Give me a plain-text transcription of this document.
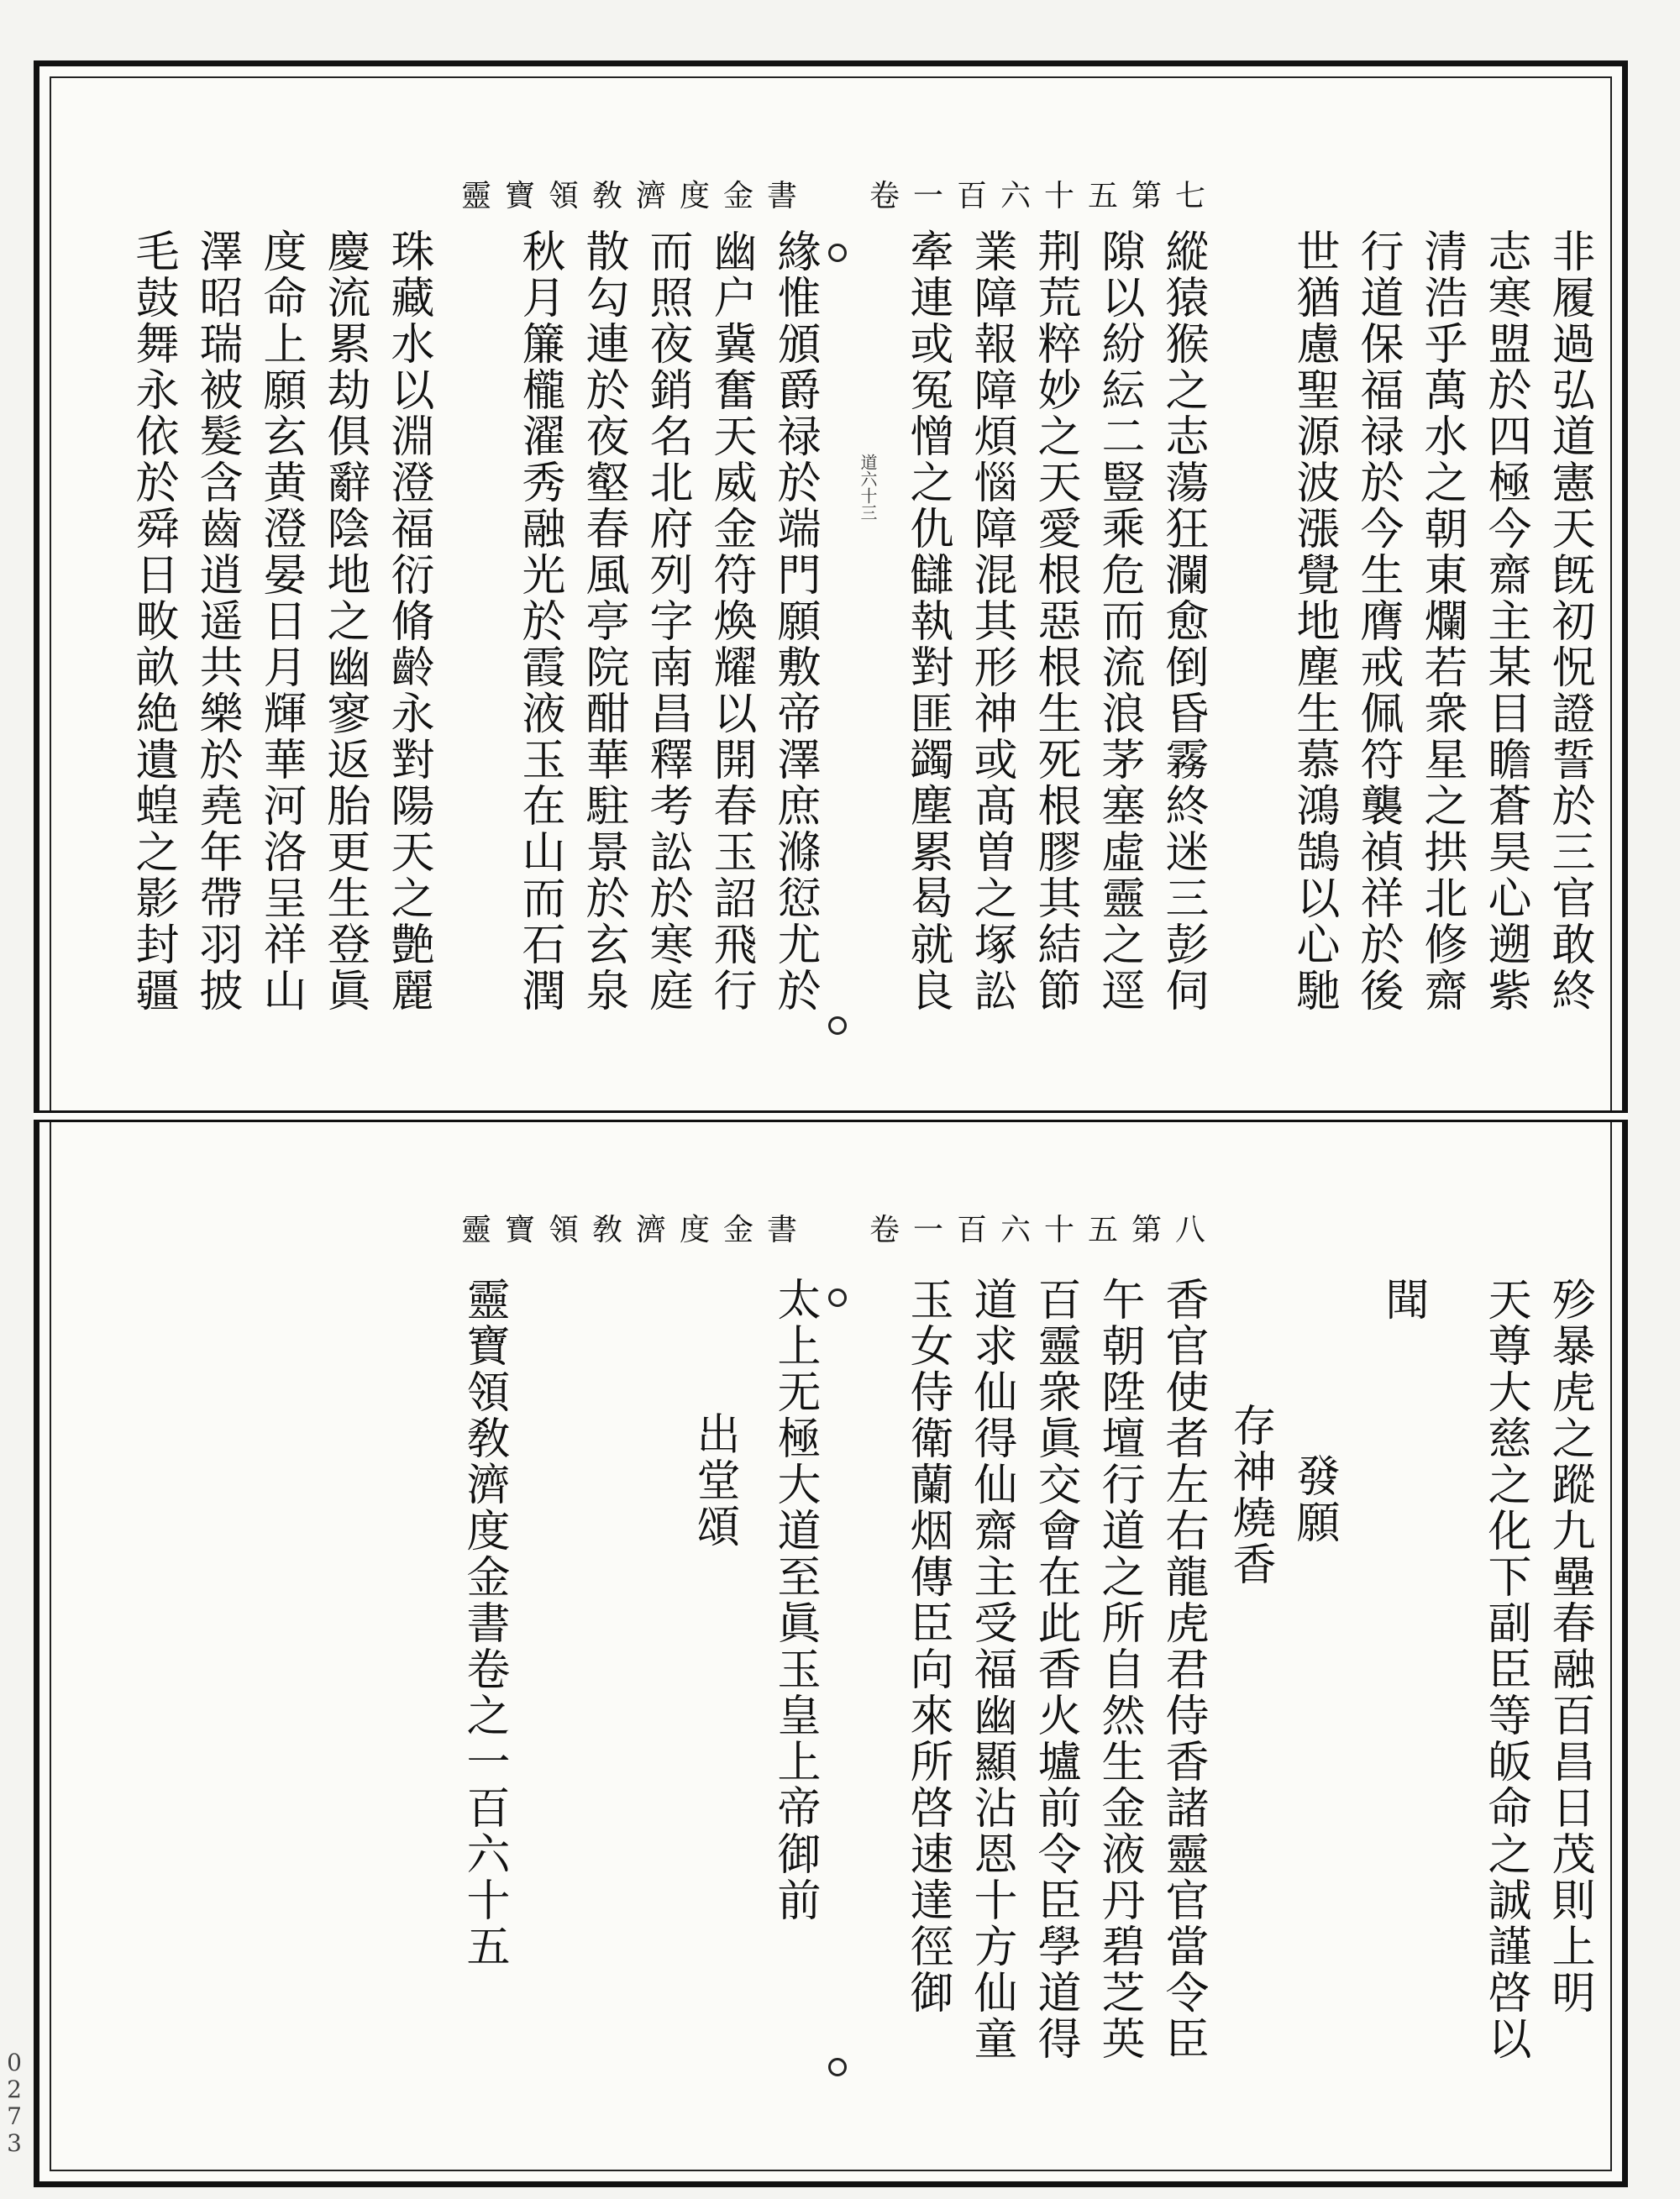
靈寶領敎濟度金書 卷一百六十五第七
非履過弘道憲天旣初怳證誓於三官敢終
志寒盟於四極今齋主某目瞻蒼昊心遡紫
清浩乎萬水之朝東爛若衆星之拱北修齋
行道保福禄於今生膺戒佩符襲禎祥於後
世猶慮聖源波漲覺地塵生慕鴻鵠以心馳
縱猿猴之志蕩狂瀾愈倒昏霧終迷三彭伺
隙以紛紜二豎乘危而流浪茅塞虛靈之逕
荆荒粹妙之天愛根惡根生死根膠其結節
業障報障煩惱障混其形神或髙曽之塚訟
牽連或冤憎之仇讎執對匪蠲塵累曷就良
緣惟頒爵禄於端門願敷帝澤庶滌愆尤於
幽户冀奮天威金符煥耀以開春玉詔飛行
而照夜銷名北府列字南昌釋考訟於寒庭
散勾連於夜壑春風亭院酣華駐景於玄泉
秋月簾櫳濯秀融光於霞液玉在山而石潤
珠藏水以淵澄福衍脩齡永對陽天之艶麗
慶流累劫俱辭陰地之幽寥返胎更生登眞
度命上願玄黄澄晏日月輝華河洛呈祥山
澤昭瑞被髮含齒逍遥共樂於堯年帶羽披
毛鼓舞永依於舜日畋畝絶遺蝗之影封疆	道六十三
靈寶領敎濟度金書 卷一百六十五第八
殄暴虎之蹤九壘春融百昌日茂則上明
天尊大慈之化下副臣等皈命之誠謹啓以
聞
發願
存神燒香
香官使者左右龍虎君侍香諸靈官當令臣
午朝陞壇行道之所自然生金液丹碧芝英
百靈衆眞交會在此香火壚前令臣學道得
道求仙得仙齋主受福幽顯沾恩十方仙童
玉女侍衛蘭烟傳臣向來所啓速達徑御
太上无極大道至眞玉皇上帝御前
出堂頌
靈寶領敎濟度金書卷之一百六十五
0
2
7
3
